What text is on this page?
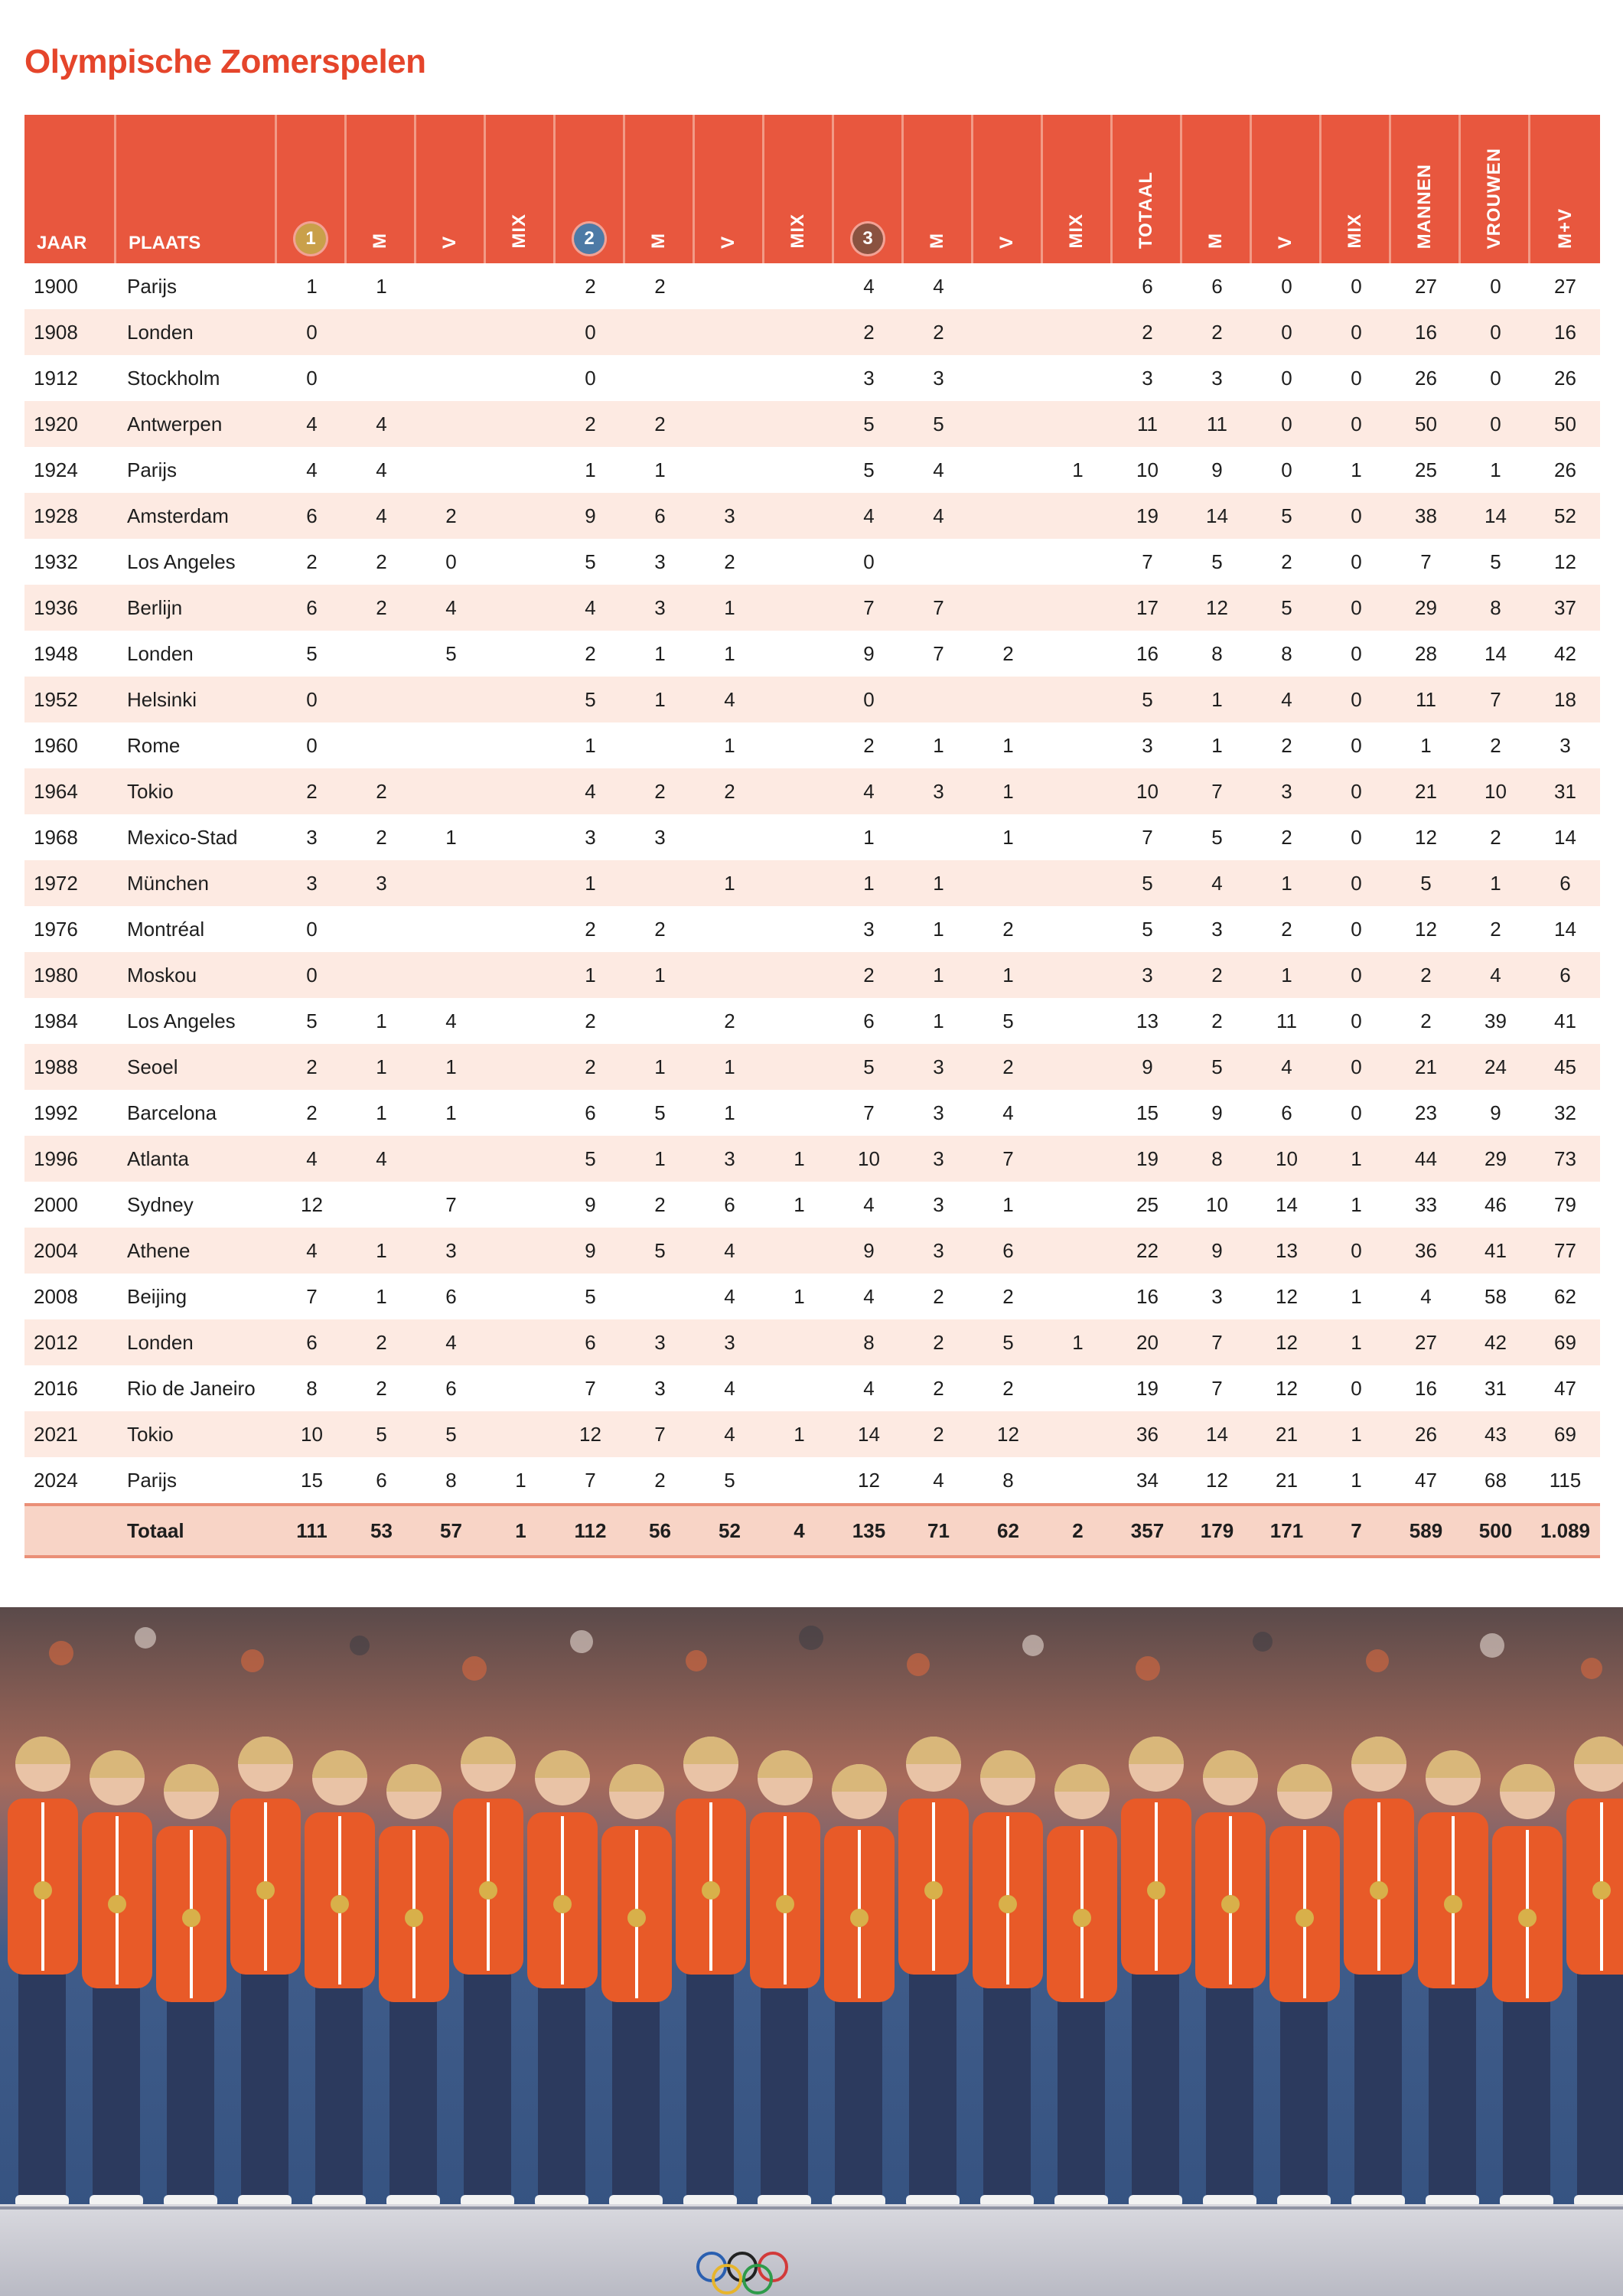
Olympische Zomerspelen
JAAR	PLAATS	1	M	V	MIX	2	M	V	MIX	3	M	V	MIX	TOTAAL	M	V	MIX	MANNEN	VROUWEN	M+V
1900	Parijs	1	1			2	2			4	4			6	6	0	0	27	0	27
1908	Londen	0				0				2	2			2	2	0	0	16	0	16
1912	Stockholm	0				0				3	3			3	3	0	0	26	0	26
1920	Antwerpen	4	4			2	2			5	5			11	11	0	0	50	0	50
1924	Parijs	4	4			1	1			5	4		1	10	9	0	1	25	1	26
1928	Amsterdam	6	4	2		9	6	3		4	4			19	14	5	0	38	14	52
1932	Los Angeles	2	2	0		5	3	2		0				7	5	2	0	7	5	12
1936	Berlijn	6	2	4		4	3	1		7	7			17	12	5	0	29	8	37
1948	Londen	5		5		2	1	1		9	7	2		16	8	8	0	28	14	42
1952	Helsinki	0				5	1	4		0				5	1	4	0	11	7	18
1960	Rome	0				1		1		2	1	1		3	1	2	0	1	2	3
1964	Tokio	2	2			4	2	2		4	3	1		10	7	3	0	21	10	31
1968	Mexico-Stad	3	2	1		3	3			1		1		7	5	2	0	12	2	14
1972	München	3	3			1		1		1	1			5	4	1	0	5	1	6
1976	Montréal	0				2	2			3	1	2		5	3	2	0	12	2	14
1980	Moskou	0				1	1			2	1	1		3	2	1	0	2	4	6
1984	Los Angeles	5	1	4		2		2		6	1	5		13	2	11	0	2	39	41
1988	Seoel	2	1	1		2	1	1		5	3	2		9	5	4	0	21	24	45
1992	Barcelona	2	1	1		6	5	1		7	3	4		15	9	6	0	23	9	32
1996	Atlanta	4	4			5	1	3	1	10	3	7		19	8	10	1	44	29	73
2000	Sydney	12		7		9	2	6	1	4	3	1		25	10	14	1	33	46	79
2004	Athene	4	1	3		9	5	4		9	3	6		22	9	13	0	36	41	77
2008	Beijing	7	1	6		5		4	1	4	2	2		16	3	12	1	4	58	62
2012	Londen	6	2	4		6	3	3		8	2	5	1	20	7	12	1	27	42	69
2016	Rio de Janeiro	8	2	6		7	3	4		4	2	2		19	7	12	0	16	31	47
2021	Tokio	10	5	5		12	7	4	1	14	2	12		36	14	21	1	26	43	69
2024	Parijs	15	6	8	1	7	2	5		12	4	8		34	12	21	1	47	68	115
	Totaal	111	53	57	1	112	56	52	4	135	71	62	2	357	179	171	7	589	500	1.089
